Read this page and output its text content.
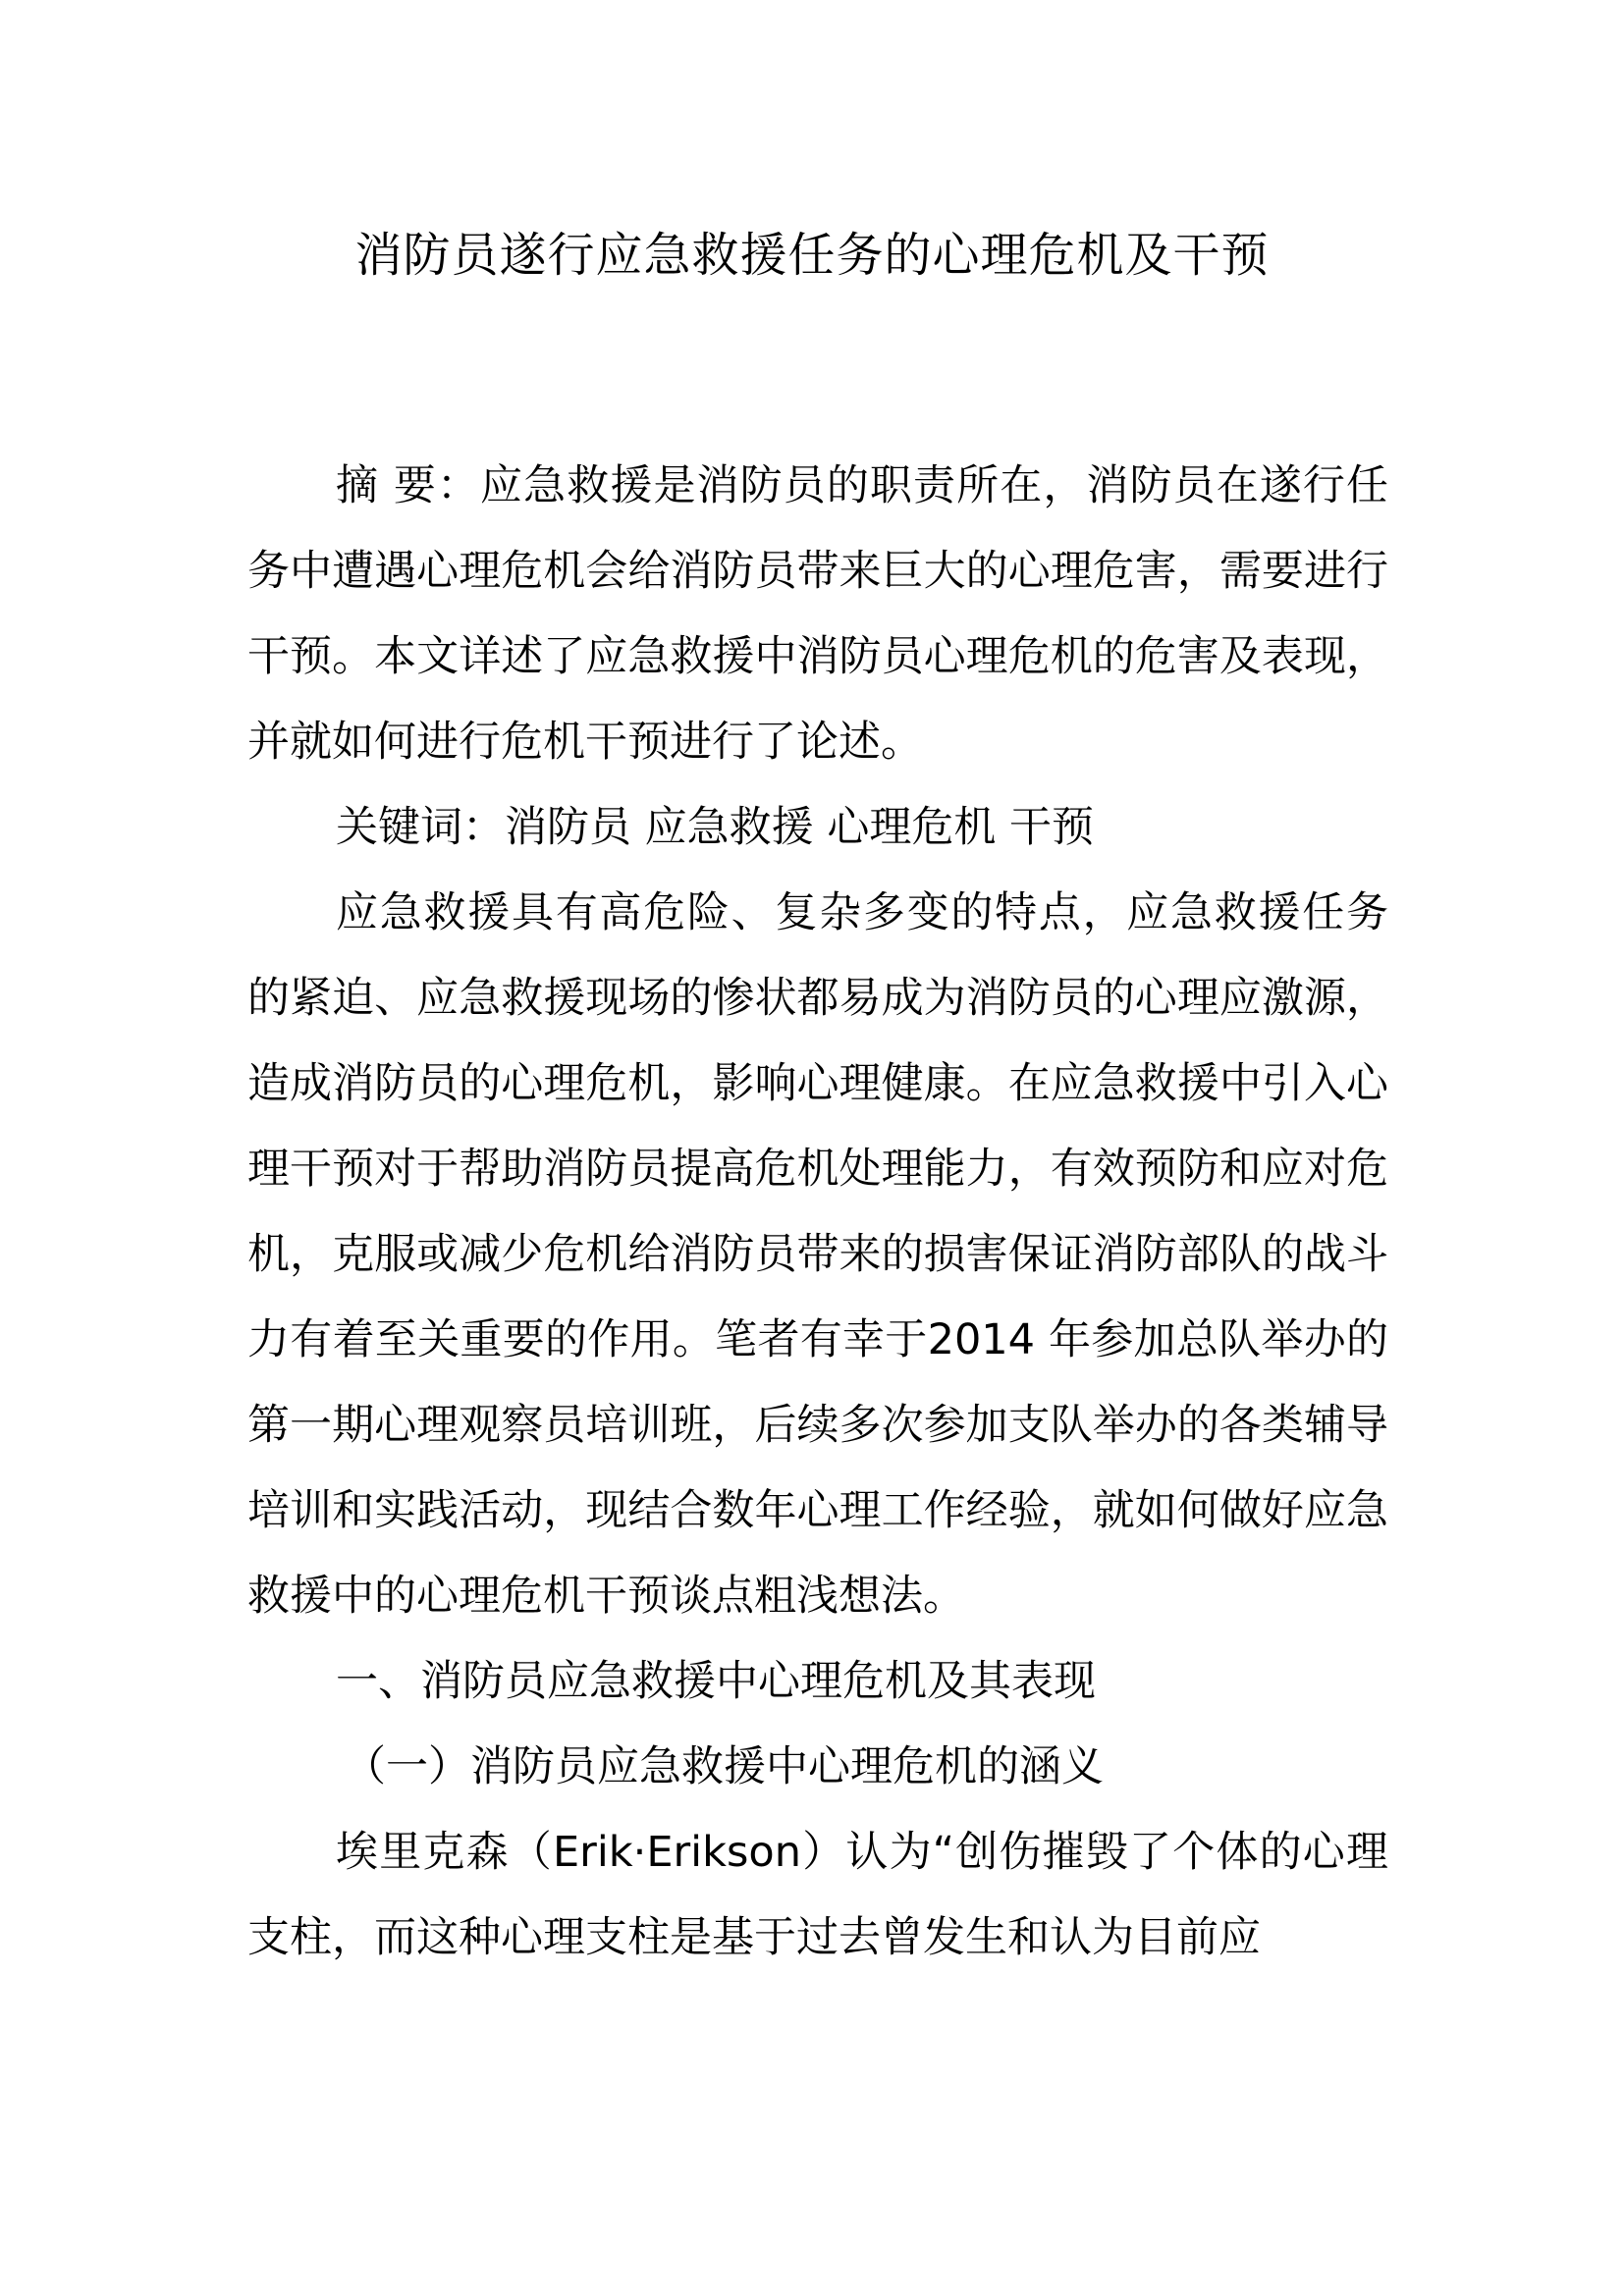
消防员遂行应急救援任务的心理危机及干预

摘 要：应急救援是消防员的职责所在，消防员在遂行任务中遭遇心理危机会给消防员带来巨大的心理危害，需要进行干预。本文详述了应急救援中消防员心理危机的危害及表现，并就如何进行危机干预进行了论述。

关键词：消防员 应急救援 心理危机 干预

应急救援具有高危险、复杂多变的特点，应急救援任务的紧迫、应急救援现场的惨状都易成为消防员的心理应激源，造成消防员的心理危机，影响心理健康。在应急救援中引入心理干预对于帮助消防员提高危机处理能力，有效预防和应对危机，克服或减少危机给消防员带来的损害保证消防部队的战斗力有着至关重要的作用。笔者有幸于2014 年参加总队举办的第一期心理观察员培训班，后续多次参加支队举办的各类辅导培训和实践活动，现结合数年心理工作经验，就如何做好应急救援中的心理危机干预谈点粗浅想法。

一、消防员应急救援中心理危机及其表现

（一）消防员应急救援中心理危机的涵义

埃里克森（Erik·Erikson）认为“创伤摧毁了个体的心理支柱，而这种心理支柱是基于过去曾发生和认为目前应
